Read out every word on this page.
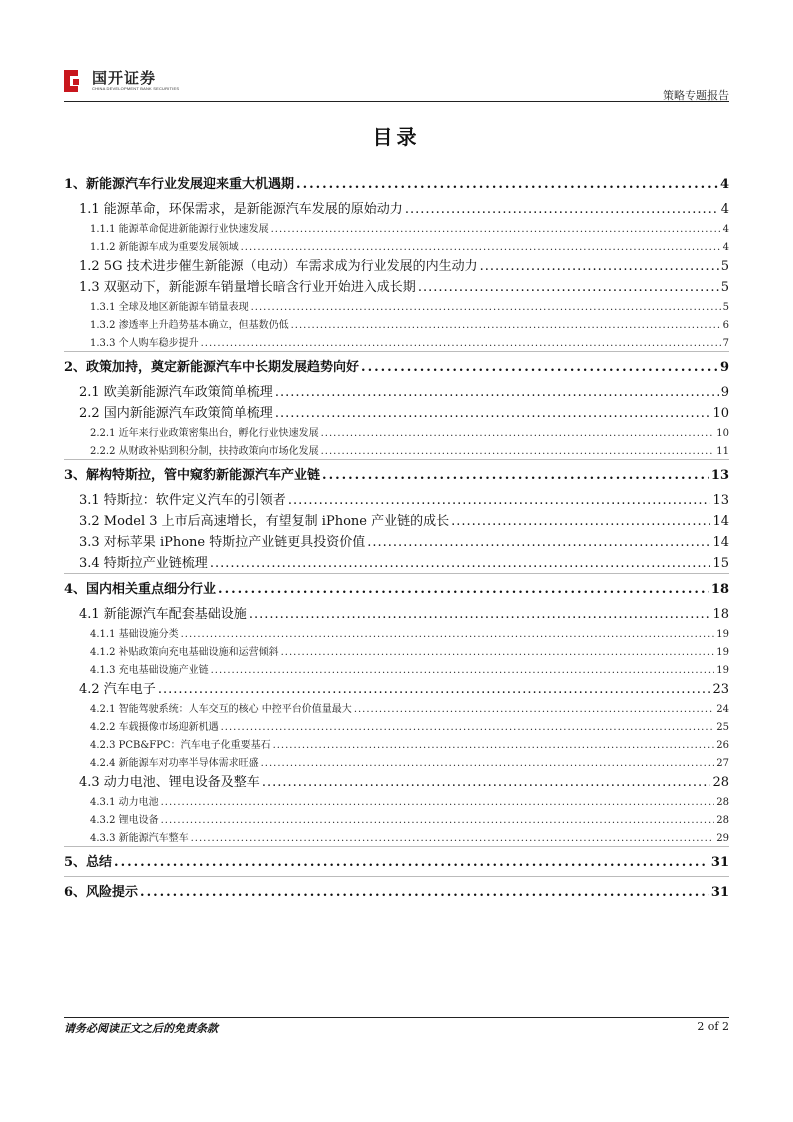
国开证券
CHINA DEVELOPMENT BANK SECURITIES
策略专题报告
目录
1、新能源汽车行业发展迎来重大机遇期 .....	4
1.1 能源革命，环保需求，是新能源汽车发展的原始动力 .....	4
1.1.1 能源革命促进新能源行业快速发展 .....	4
1.1.2 新能源车成为重要发展领域 .....	4
1.2 5G 技术进步催生新能源（电动）车需求成为行业发展的内生动力 .....	5
1.3 双驱动下，新能源车销量增长暗含行业开始进入成长期 .....	5
1.3.1 全球及地区新能源车销量表现 .....	5
1.3.2 渗透率上升趋势基本确立，但基数仍低 .....	6
1.3.3 个人购车稳步提升 .....	7
2、政策加持，奠定新能源汽车中长期发展趋势向好 .....	9
2.1 欧美新能源汽车政策简单梳理 .....	9
2.2 国内新能源汽车政策简单梳理 .....	10
2.2.1 近年来行业政策密集出台，孵化行业快速发展 .....	10
2.2.2 从财政补贴到积分制，扶持政策向市场化发展 .....	11
3、解构特斯拉，管中窥豹新能源汽车产业链 .....	13
3.1 特斯拉：软件定义汽车的引领者 .....	13
3.2 Model 3 上市后高速增长，有望复制 iPhone 产业链的成长 .....	14
3.3 对标苹果 iPhone 特斯拉产业链更具投资价值 .....	14
3.4 特斯拉产业链梳理 .....	15
4、国内相关重点细分行业 .....	18
4.1 新能源汽车配套基础设施 .....	18
4.1.1 基础设施分类 .....	19
4.1.2 补贴政策向充电基础设施和运营倾斜 .....	19
4.1.3 充电基础设施产业链 .....	19
4.2 汽车电子 .....	23
4.2.1 智能驾驶系统：人车交互的核心 中控平台价值量最大 .....	24
4.2.2 车载摄像市场迎新机遇 .....	25
4.2.3 PCB&FPC：汽车电子化重要基石 .....	26
4.2.4 新能源车对功率半导体需求旺盛 .....	27
4.3 动力电池、锂电设备及整车 .....	28
4.3.1 动力电池 .....	28
4.3.2 锂电设备 .....	28
4.3.3 新能源汽车整车 .....	29
5、总结 .....	31
6、风险提示 .....	31
请务必阅读正文之后的免责条款	2 of 2
